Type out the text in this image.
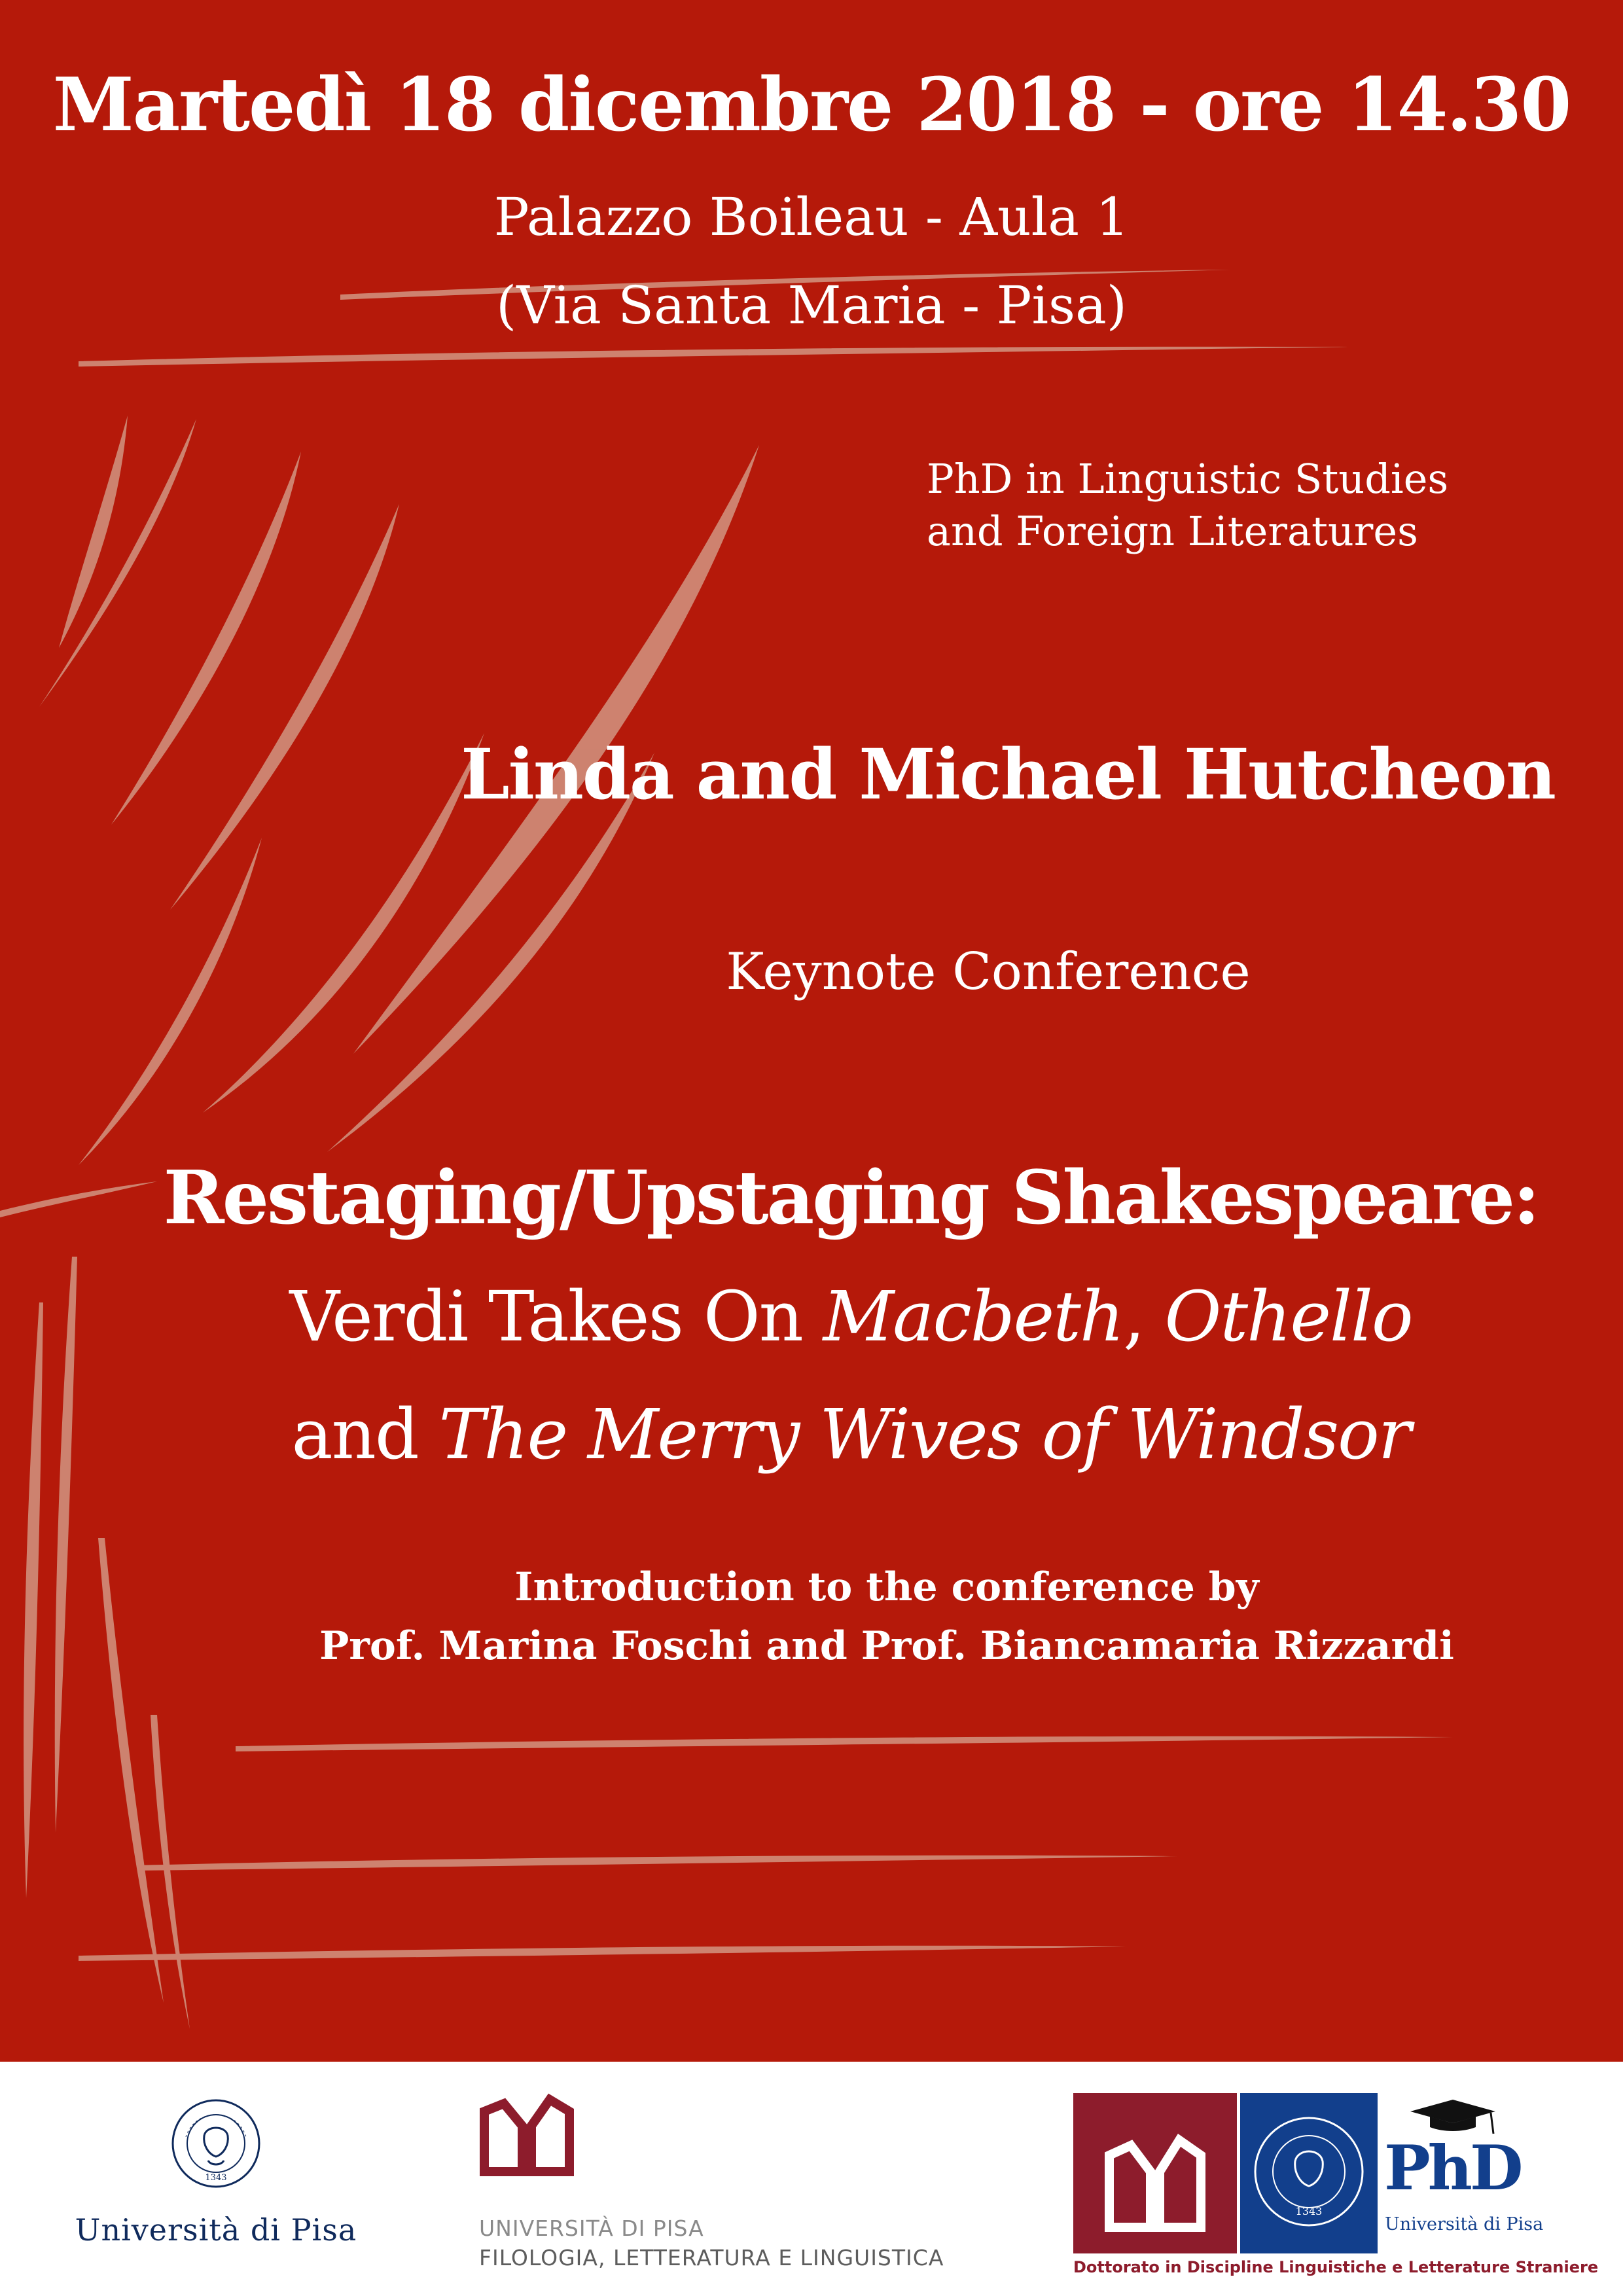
Martedì 18 dicembre 2018 - ore 14.30
Palazzo Boileau - Aula 1
(Via Santa Maria - Pisa)
PhD in Linguistic Studies
and Foreign Literatures
Linda and Michael Hutcheon
Keynote Conference
Restaging/Upstaging Shakespeare:
Verdi Takes On Macbeth, Othello
and The Merry Wives of Windsor
Introduction to the conference by
Prof. Marina Foschi and Prof. Biancamaria Rizzardi
1343
Università di Pisa	UNIVERSITÀ DI PISA
FILOLOGIA, LETTERATURA E LINGUISTICA
1343
PhD
Università di Pisa
Dottorato in Discipline Linguistiche e Letterature Straniere
